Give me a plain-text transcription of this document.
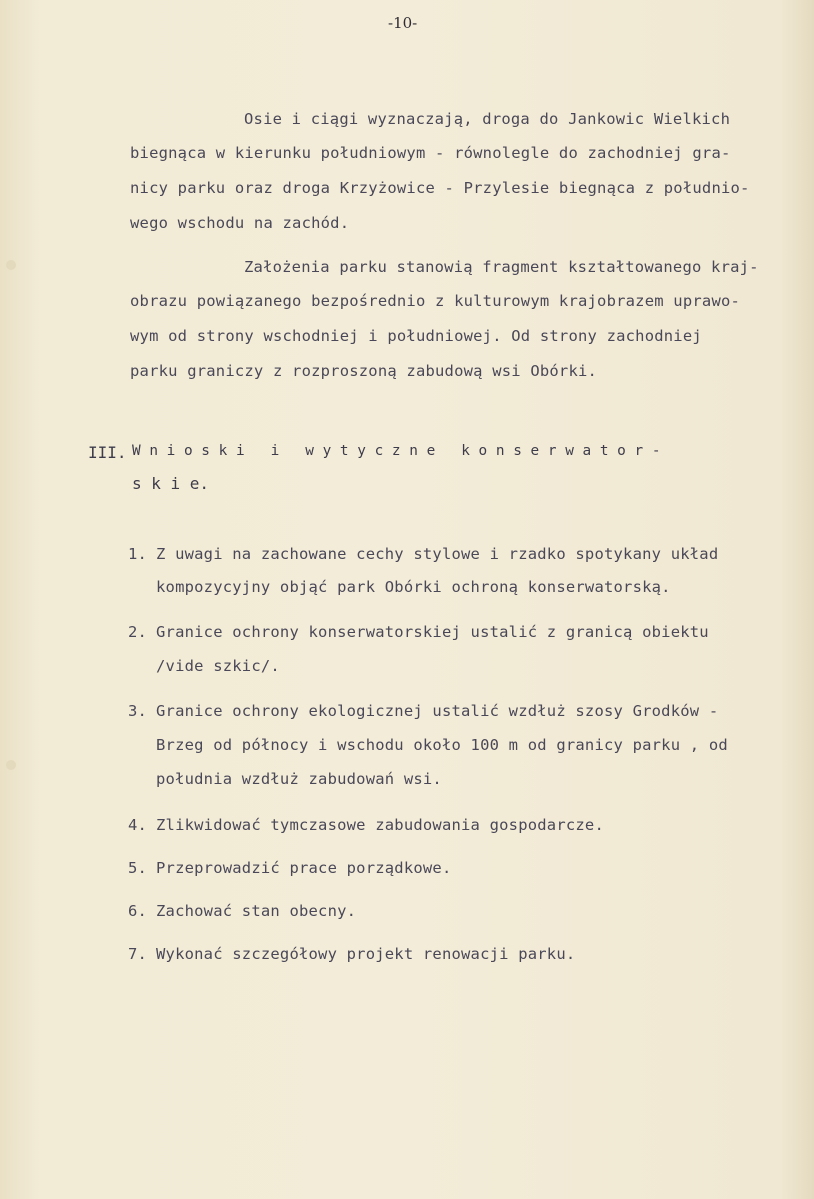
-10-
Osie i ciągi wyznaczają, droga do Jankowic Wielkich
biegnąca w kierunku południowym - równolegle do zachodniej gra-
nicy parku oraz droga Krzyżowice - Przylesie biegnąca z południo-
wego wschodu na zachód.
Założenia parku stanowią fragment kształtowanego kraj-
obrazu powiązanego bezpośrednio z kulturowym krajobrazem uprawo-
wym od strony wschodniej i południowej. Od strony zachodniej
parku graniczy z rozproszoną zabudową wsi Obórki.
III. W n i o s k i   i   w y t y c z n e   k o n s e r w a t o r -
s k i e.
1. Z uwagi na zachowane cechy stylowe i rzadko spotykany układ
kompozycyjny objąć park Obórki ochroną konserwatorską.
2. Granice ochrony konserwatorskiej ustalić z granicą obiektu
/vide szkic/.
3. Granice ochrony ekologicznej ustalić wzdłuż szosy Grodków -
Brzeg od północy i wschodu około 100 m od granicy parku , od
południa wzdłuż zabudowań wsi.
4. Zlikwidować tymczasowe zabudowania gospodarcze.
5. Przeprowadzić prace porządkowe.
6. Zachować stan obecny.
7. Wykonać szczegółowy projekt renowacji parku.
